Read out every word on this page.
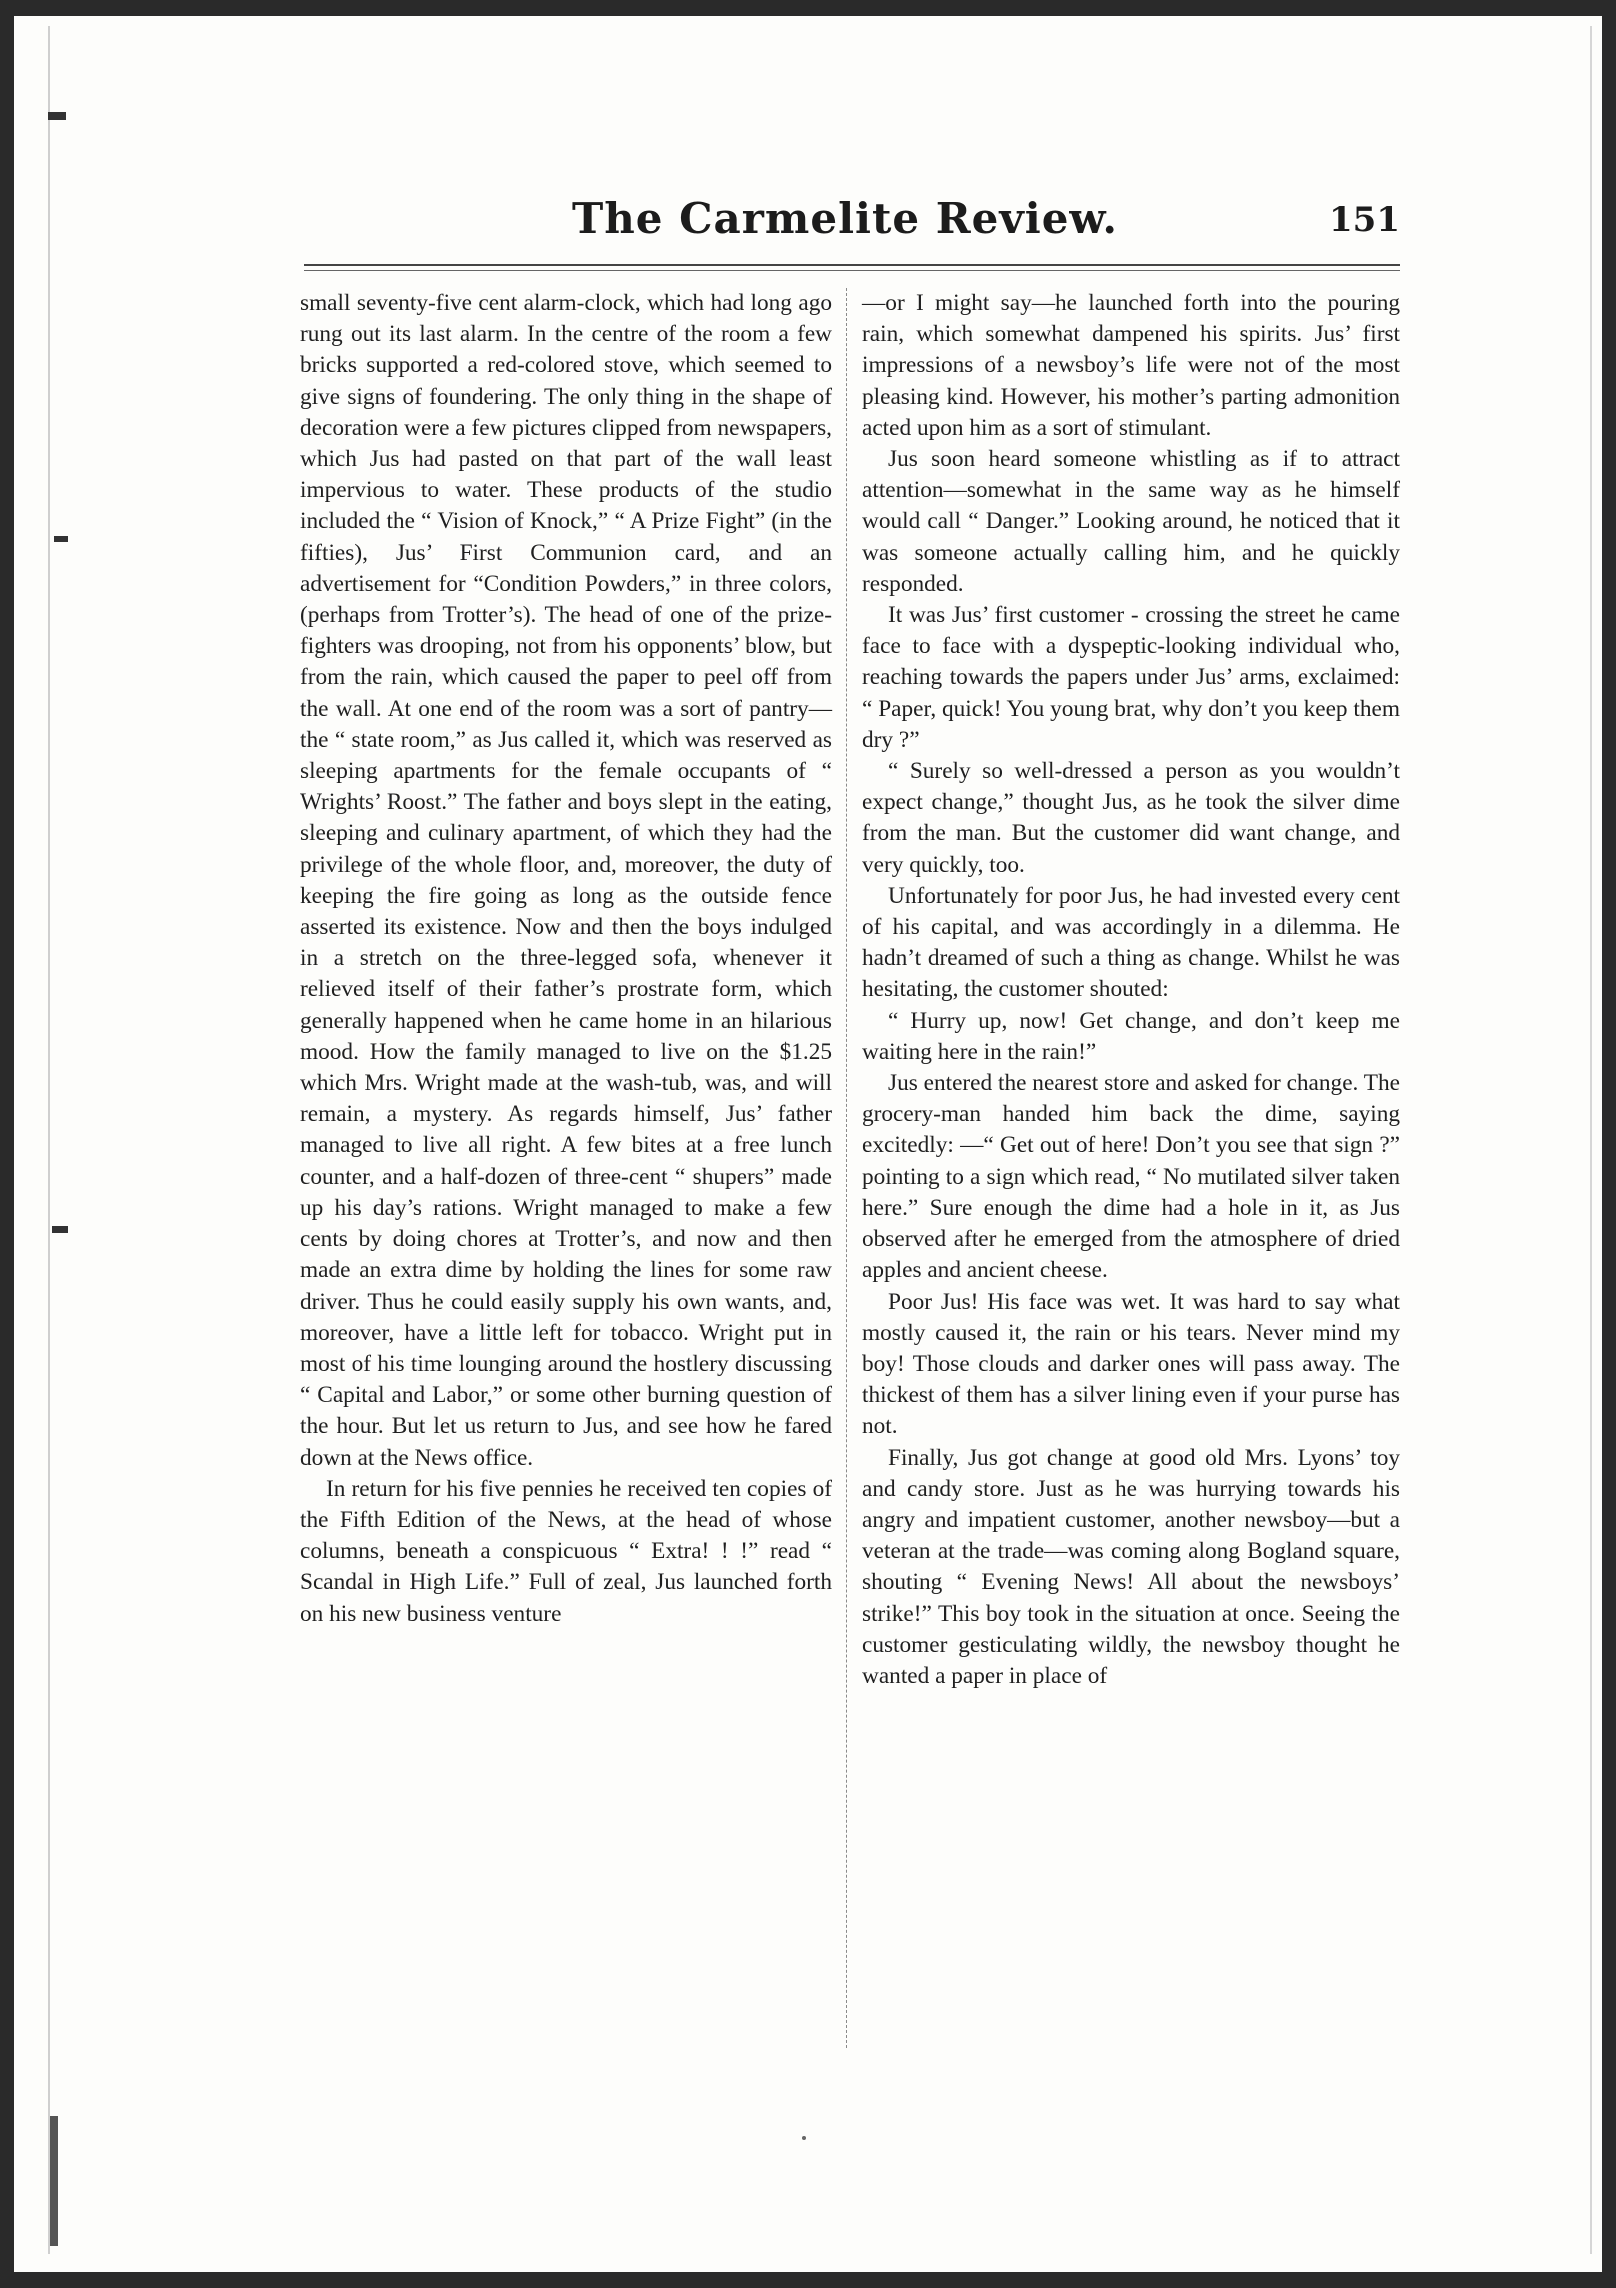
The Carmelite Review.	151

small seventy-five cent alarm-clock, which had long ago rung out its last alarm. In the centre of the room a few bricks supported a red-colored stove, which seemed to give signs of foundering. The only thing in the shape of decoration were a few pictures clipped from newspapers, which Jus had pasted on that part of the wall least impervious to water. These products of the studio included the “ Vision of Knock,” “ A Prize Fight” (in the fifties), Jus’ First Communion card, and an advertisement for “Condition Powders,” in three colors, (perhaps from Trotter’s). The head of one of the prize-fighters was drooping, not from his opponents’ blow, but from the rain, which caused the paper to peel off from the wall. At one end of the room was a sort of pantry—the “ state room,” as Jus called it, which was reserved as sleeping apartments for the female occupants of “ Wrights’ Roost.” The father and boys slept in the eating, sleeping and culinary apartment, of which they had the privilege of the whole floor, and, moreover, the duty of keeping the fire going as long as the outside fence asserted its existence. Now and then the boys indulged in a stretch on the three-legged sofa, whenever it relieved itself of their father’s prostrate form, which generally happened when he came home in an hilarious mood. How the family managed to live on the $1.25 which Mrs. Wright made at the wash-tub, was, and will remain, a mystery. As regards himself, Jus’ father managed to live all right. A few bites at a free lunch counter, and a half-dozen of three-cent “ shupers” made up his day’s rations. Wright managed to make a few cents by doing chores at Trotter’s, and now and then made an extra dime by holding the lines for some raw driver. Thus he could easily supply his own wants, and, moreover, have a little left for tobacco. Wright put in most of his time lounging around the hostlery discussing “ Capital and Labor,” or some other burning question of the hour. But let us return to Jus, and see how he fared down at the News office.

In return for his five pennies he received ten copies of the Fifth Edition of the News, at the head of whose columns, beneath a conspicuous “ Extra! ! !” read “ Scandal in High Life.” Full of zeal, Jus launched forth on his new business venture

—or I might say—he launched forth into the pouring rain, which somewhat dampened his spirits. Jus’ first impressions of a newsboy’s life were not of the most pleasing kind. However, his mother’s parting admonition acted upon him as a sort of stimulant.

Jus soon heard someone whistling as if to attract attention—somewhat in the same way as he himself would call “ Danger.” Looking around, he noticed that it was someone actually calling him, and he quickly responded.

It was Jus’ first customer - crossing the street he came face to face with a dyspeptic-looking individual who, reaching towards the papers under Jus’ arms, exclaimed: “ Paper, quick! You young brat, why don’t you keep them dry ?”

“ Surely so well-dressed a person as you wouldn’t expect change,” thought Jus, as he took the silver dime from the man. But the customer did want change, and very quickly, too.

Unfortunately for poor Jus, he had invested every cent of his capital, and was accordingly in a dilemma. He hadn’t dreamed of such a thing as change. Whilst he was hesitating, the customer shouted:

“ Hurry up, now! Get change, and don’t keep me waiting here in the rain!”

Jus entered the nearest store and asked for change. The grocery-man handed him back the dime, saying excitedly: —“ Get out of here! Don’t you see that sign ?” pointing to a sign which read, “ No mutilated silver taken here.” Sure enough the dime had a hole in it, as Jus observed after he emerged from the atmosphere of dried apples and ancient cheese.

Poor Jus! His face was wet. It was hard to say what mostly caused it, the rain or his tears. Never mind my boy! Those clouds and darker ones will pass away. The thickest of them has a silver lining even if your purse has not.

Finally, Jus got change at good old Mrs. Lyons’ toy and candy store. Just as he was hurrying towards his angry and impatient customer, another newsboy—but a veteran at the trade—was coming along Bogland square, shouting “ Evening News! All about the newsboys’ strike!” This boy took in the situation at once. Seeing the customer gesticulating wildly, the newsboy thought he wanted a paper in place of
